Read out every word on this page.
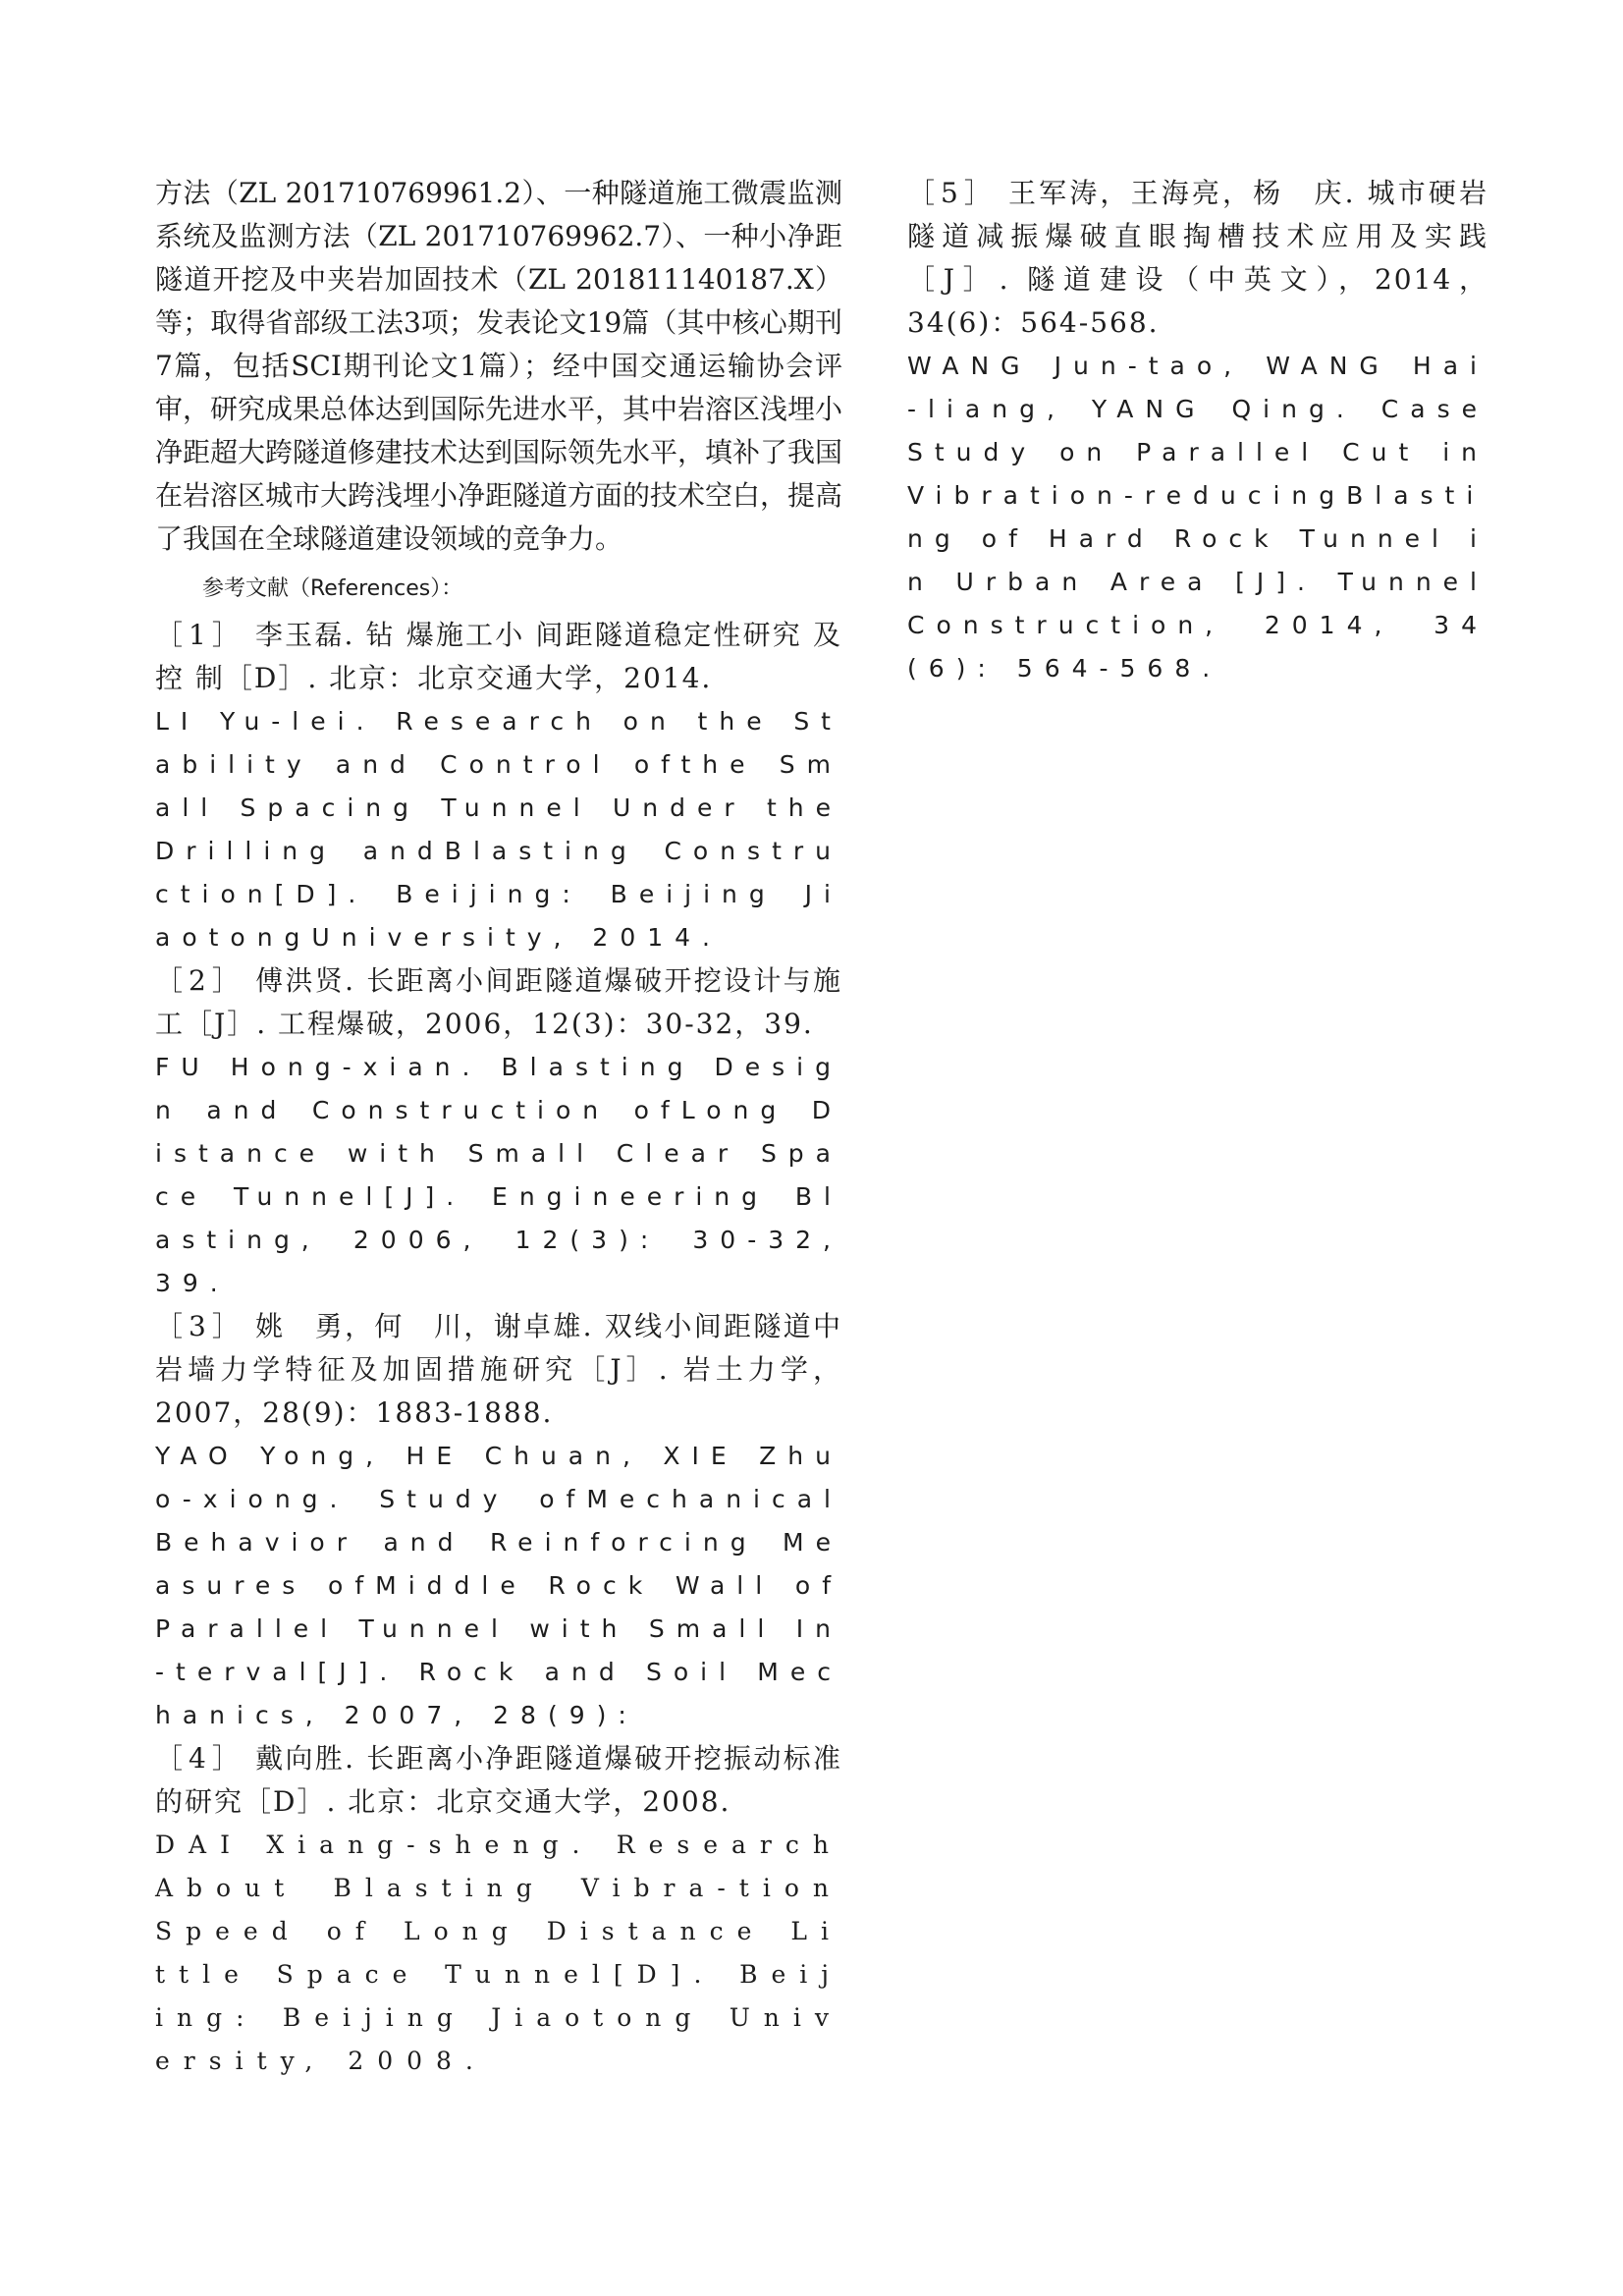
方法（ZL 201710769961.2）、一种隧道施工微震监测系统及监测方法（ZL 201710769962.7）、一种小净距隧道开挖及中夹岩加固技术（ZL 201811140187.X）等；取得省部级工法3项；发表论文19篇（其中核心期刊7篇，包括SCI期刊论文1篇）；经中国交通运输协会评审，研究成果总体达到国际先进水平，其中岩溶区浅埋小净距超大跨隧道修建技术达到国际领先水平，填补了我国在岩溶区城市大跨浅埋小净距隧道方面的技术空白，提高了我国在全球隧道建设领域的竞争力。

参考文献（References）：

［1］ 李玉磊. 钻 爆施工小 间距隧道稳定性研究 及控 制［D］. 北京：北京交通大学，2014.

LI Yu-lei. Research on the Stability and Control ofthe Small Spacing Tunnel Under the Drilling andBlasting Construction[D]. Beijing: Beijing JiaotongUniversity, 2014.

［2］ 傅洪贤. 长距离小间距隧道爆破开挖设计与施工［J］. 工程爆破，2006，12(3)：30-32，39.

FU Hong-xian. Blasting Design and Construction ofLong Distance with Small Clear Space Tunnel[J]. Engineering Blasting, 2006, 12(3): 30-32, 39.

［3］ 姚　勇，何　川，谢卓雄. 双线小间距隧道中岩墙力学特征及加固措施研究［J］. 岩土力学，2007，28(9)：1883-1888.

YAO Yong, HE Chuan, XIE Zhuo-xiong. Study ofMechanical Behavior and Reinforcing Measures ofMiddle Rock Wall of Parallel Tunnel with Small In-terval[J]. Rock and Soil Mechanics, 2007, 28(9):

［4］ 戴向胜. 长距离小净距隧道爆破开挖振动标准的研究［D］. 北京：北京交通大学，2008.

DAI Xiang-sheng. Research About Blasting Vibra-tion Speed of Long Distance Little Space Tunnel[D]. Beijing: Beijing Jiaotong University, 2008.

［5］ 王军涛，王海亮，杨　庆. 城市硬岩隧道减振爆破直眼掏槽技术应用及实践［J］. 隧道建设（中英文），2014，34(6)：564-568.

WANG Jun-tao, WANG Hai-liang, YANG Qing. Case Study on Parallel Cut in Vibration-reducingBlasting of Hard Rock Tunnel in Urban Area [J]. Tunnel Construction, 2014, 34(6): 564-568.
